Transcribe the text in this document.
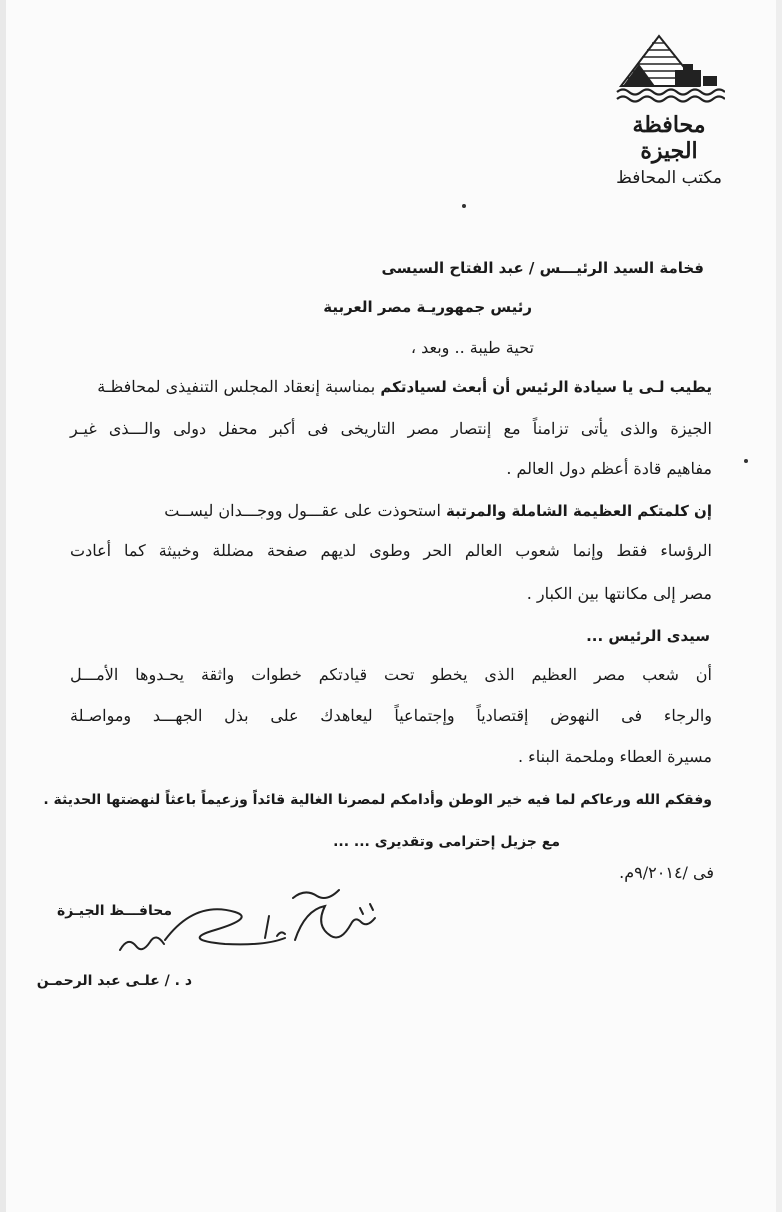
محافظة الجيزة
مكتب المحافظ
فخامة السيد الرئيـــس / عبد الفتاح السيسى
رئيس جمهوريـة مصر العربية
تحية طيبة .. وبعد ،
يطيب لـى يا سيادة الرئيس أن أبعث لسيادتكم بمناسبة إنعقاد المجلس التنفيذى لمحافظـة
الجيزة والذى يأتى تزامناً مع إنتصار مصر التاريخى فى أكبر محفل دولى والـــذى غيـر
مفاهيم قادة أعظم دول العالم .
إن كلمتكم العظيمة الشاملة والمرتبة استحوذت على عقـــول ووجـــدان ليســت
الرؤساء فقط وإنما شعوب العالم الحر وطوى لديهم صفحة مضللة وخبيثة كما أعادت
مصر إلى مكانتها بين الكبار .
سيدى الرئيس ...
أن شعب مصر العظيم الذى يخطو تحت قيادتكم خطوات واثقة يحـدوها الأمـــل
والرجاء فى النهوض إقتصادياً وإجتماعياً ليعاهدك على بذل الجهـــد ومواصـلة
مسيرة العطاء وملحمة البناء .
وفقكم الله ورعاكم لما فيه خير الوطن وأدامكم لمصرنا الغالية قائداً وزعيماً باعثاً لنهضتها الحديثة .
مع جزيل إحترامى وتقديرى ... ...
فى /٩/٢٠١٤م.
محافـــظ الجيـزة
د . / علـى عبد الرحمـن
